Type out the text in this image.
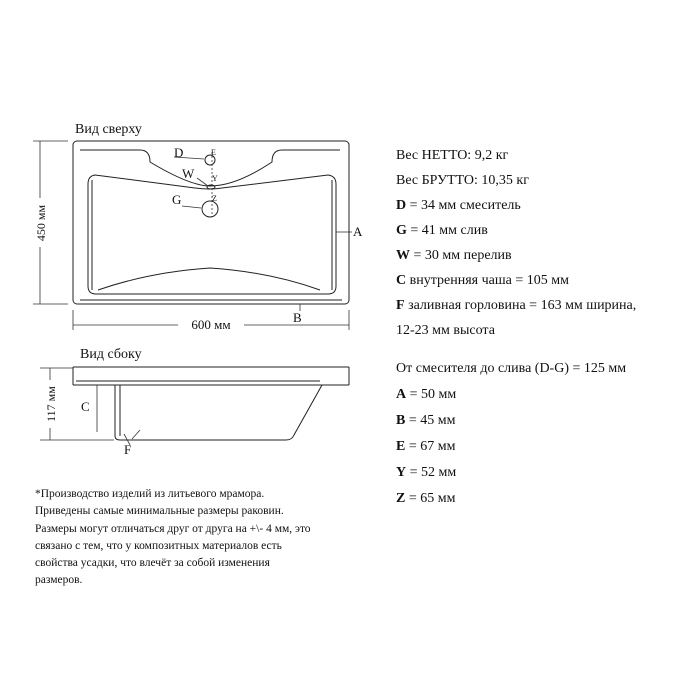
Вид сверху
D	E
W Y
G	Z
A
B
600 мм
450 мм
Вид сбоку
C
F
117 мм
Вес НЕТТО: 9,2 кг
Вес БРУТТО: 10,35 кг
D = 34 мм смеситель
G = 41 мм слив
W = 30 мм перелив
C внутренняя чаша = 105 мм
F заливная горловина = 163 мм ширина,
12-23 мм высота
От смесителя до слива (D-G) = 125 мм
A = 50 мм
B = 45 мм
E = 67 мм
Y = 52 мм
Z = 65 мм
*Производство изделий из литьевого мрамора.
Приведены самые минимальные размеры раковин.
Размеры могут отличаться друг от друга на +\- 4 мм, это
связано с тем, что у композитных материалов есть
свойства усадки, что влечёт за собой изменения
размеров.
